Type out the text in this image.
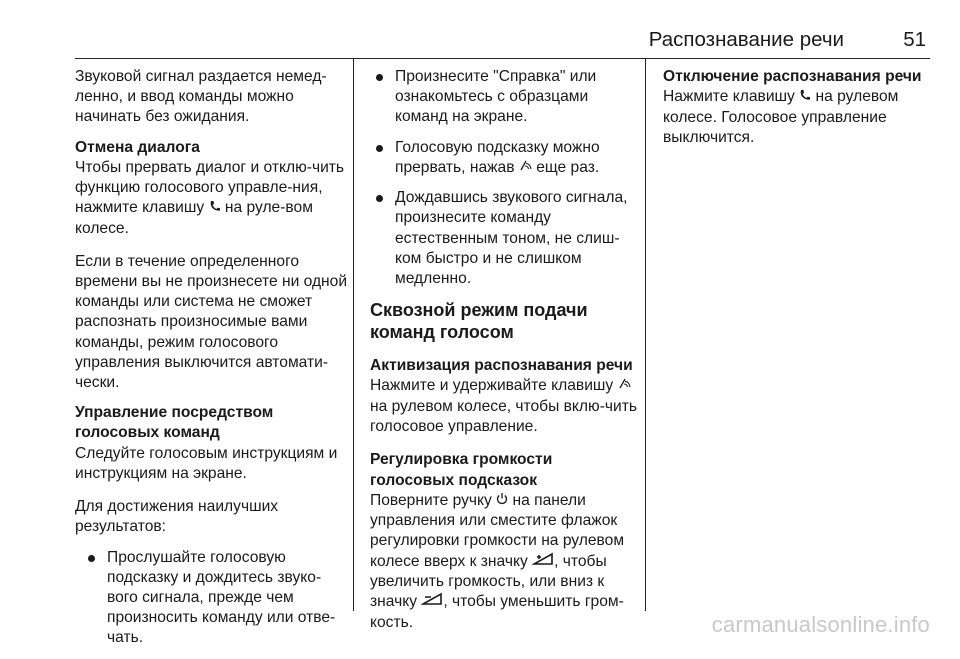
Распознавание речи	51

Звуковой сигнал раздается немед-ленно, и ввод команды можно начинать без ожидания.

Отмена диалога
Чтобы прервать диалог и отклю-чить функцию голосового управле-ния, нажмите клавишу на руле-вом колесе.

Если в течение определенного времени вы не произнесете ни одной команды или система не сможет распознать произносимые вами команды, режим голосового управления выключится автомати-чески.

Управление посредством голосовых команд
Следуйте голосовым инструкциям и инструкциям на экране.

Для достижения наилучших результатов:

Прослушайте голосовую подсказку и дождитесь звуко-вого сигнала, прежде чем произносить команду или отве-чать.
Произнесите "Справка" или ознакомьтесь с образцами команд на экране.
Голосовую подсказку можно прервать, нажав еще раз.
Дождавшись звукового сигнала, произнесите команду естественным тоном, не слиш-ком быстро и не слишком медленно.
Сквозной режим подачи команд голосом
Активизация распознавания речи
Нажмите и удерживайте клавишу  на рулевом колесе, чтобы вклю-чить голосовое управление.
Регулировка громкости голосовых подсказок
Поверните ручку на панели управления или сместите флажок регулировки громкости на рулевом колесе вверх к значку , чтобы увеличить громкость, или вниз к значку , чтобы уменьшить гром-кость.
Отключение распознавания речи
Нажмите клавишу на рулевом колесе. Голосовое управление выключится.
carmanualsonline.info
